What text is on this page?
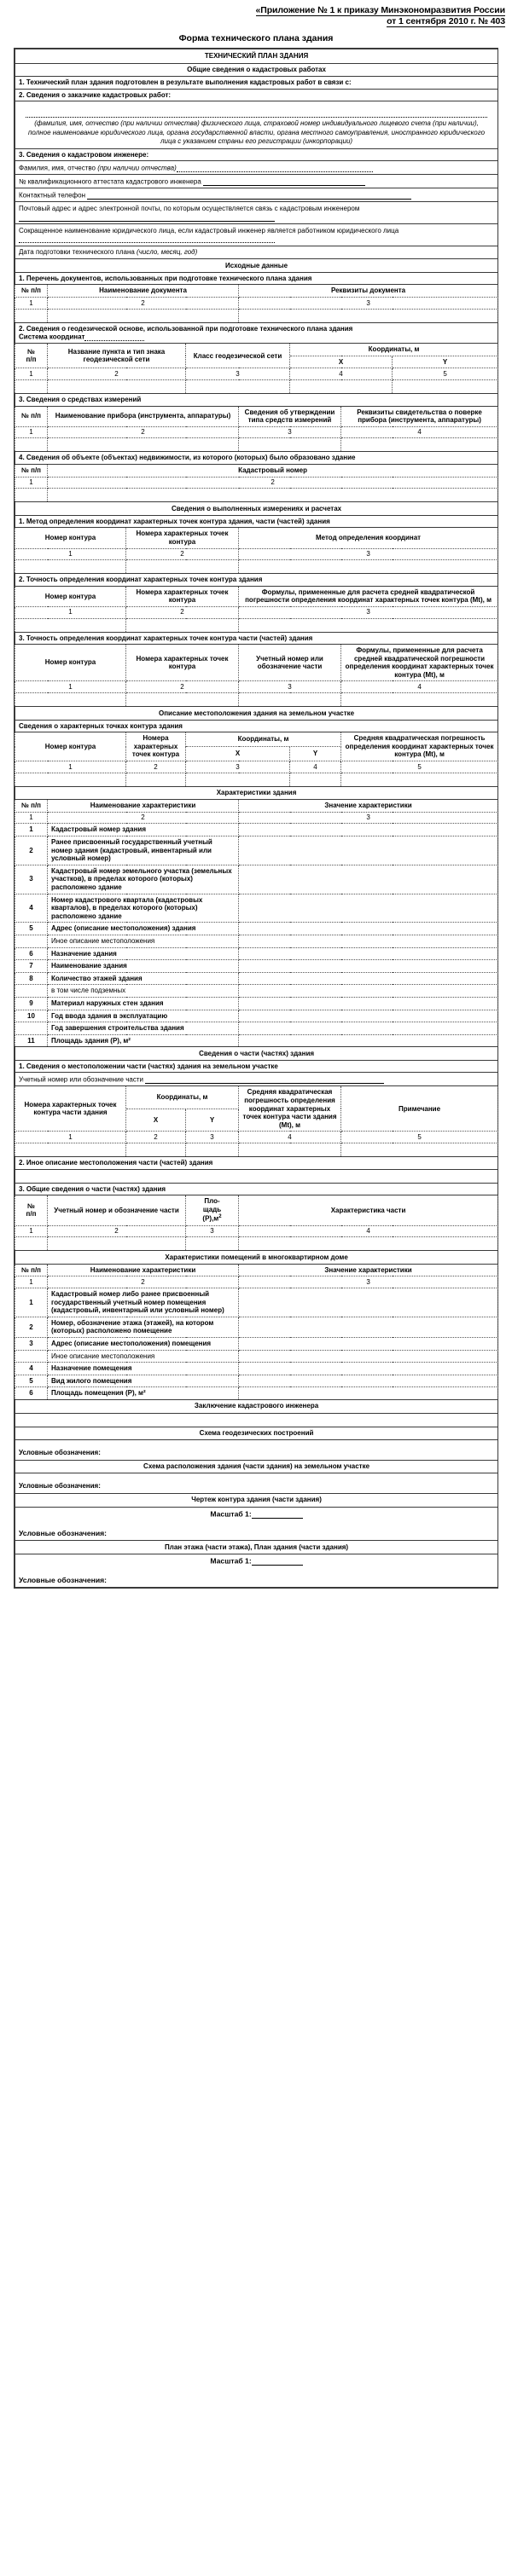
«Приложение № 1 к приказу Минэкономразвития России
от 1 сентября 2010 г. № 403
Форма технического плана здания
ТЕХНИЧЕСКИЙ ПЛАН ЗДАНИЯ							
Общие сведения о кадастровых работах							
1. Технический план здания подготовлен в результате выполнения кадастровых работ в связи с:							
2. Сведения о заказчике кадастровых работ:							

(фамилия, имя, отчество (при наличии отчества) физического лица, страховой номер индивидуального лицевого счета (при наличии), полное наименование юридического лица, органа государственной власти, органа местного самоуправления, иностранного юридического лица с указанием страны его регистрации (инкорпорации)							

3. Сведения о кадастровом инженере:							
Фамилия, имя, отчество (при наличии отчества)							
№ квалификационного аттестата кадастрового инженера							
Контактный телефон							
Почтовый адрес и адрес электронной почты, по которым осуществляется связь с кадастровым инженером							
Сокращенное наименование юридического лица, если кадастровый инженер является работником юридического лица							
Дата подготовки технического плана (число, месяц, год)							
Исходные данные							
1. Перечень документов, использованных при подготовке технического плана здания							
№ п/п	Наименование документа			Реквизиты документа			
1	2			3			

2. Сведения о геодезической основе, использованной при подготовке технического плана здания
Система координат							
№
п/п	Название пункта и тип знака геодезической сети		Класс геодезической сети		Координаты, м		
					X		Y
1	2		3		4		5

3. Сведения о средствах измерений							
№ п/п	Наименование прибора (инструмента, аппаратуры)			Сведения об утверждении типа средств измерений		Реквизиты свидетельства о поверке прибора (инструмента, аппаратуры)	
1	2			3		4	

4. Сведения об объекте (объектах) недвижимости, из которого (которых) было образовано здание							
№ п/п	Кадастровый номер						
1	2						

Сведения о выполненных измерениях и расчетах							
1. Метод определения координат характерных точек контура здания, части (частей) здания							
Номер контура		Номера характерных точек контура		Метод определения координат			
1		2		3			

2. Точность определения координат характерных точек контура здания							
Номер контура		Номера характерных точек контура		Формулы, примененные для расчета средней квадратической погрешности определения координат характерных точек контура (Мt), м			
1		2		3			

3. Точность определения координат характерных точек контура части (частей) здания							
Номер контура		Номера характерных точек контура		Учетный номер или обозначение части		Формулы, примененные для расчета средней квадратической погрешности определения координат характерных точек контура (Мt), м	
1		2		3		4	

Описание местоположения здания на земельном участке							
Сведения о характерных точках контура здания							
Номер контура		Номера характерных точек контура	Координаты, м			Средняя квадратическая погрешность определения координат характерных точек контура (Мt), м	
			X		Y		
1		2	3		4	5	

Характеристики здания							
№ п/п	Наименование характеристики			Значение характеристики			
1	2			3			
1	Кадастровый номер здания						
2	Ранее присвоенный государственный учетный номер здания (кадастровый, инвентарный или условный номер)						
3	Кадастровый номер земельного участка (земельных участков), в пределах которого (которых) расположено здание						
4	Номер кадастрового квартала (кадастровых кварталов), в пределах которого (которых) расположено здание						
5	Адрес (описание местоположения) здания						
	Иное описание местоположения						
6	Назначение здания						
7	Наименование здания						
8	Количество этажей здания						
	в том числе подземных						
9	Материал наружных стен здания						
10	Год ввода здания в эксплуатацию						
	Год завершения строительства здания						
11	Площадь здания (Р), м²						
Сведения о части (частях) здания							
1. Сведения о местоположении части (частях) здания на земельном участке							
Учетный номер или обозначение части							
Номера характерных точек контура части здания		Координаты, м		Средняя квадратическая погрешность определения координат характерных точек контура части здания (Мt), м		Примечание	
		X	Y				
1		2	3	4		5	

2. Иное описание местоположения части (частей) здания							

3. Общие сведения о части (частях) здания							
№
п/п	Учетный номер и обозначение части		Пло-
щадь
$(Р),м^2$	Характеристика части			
1	2		3	4			

Характеристики помещений в многоквартирном доме							
№ п/п	Наименование характеристики			Значение характеристики			
1	2			3			
1	Кадастровый номер либо ранее присвоенный государственный учетный номер помещения (кадастровый, инвентарный или условный номер)						
2	Номер, обозначение этажа (этажей), на котором (которых) расположено помещение						
3	Адрес (описание местоположения) помещения						
	Иное описание местоположения						
4	Назначение помещения						
5	Вид жилого помещения						
6	Площадь помещения (Р), м²						
Заключение кадастрового инженера							

Схема геодезических построений							
Условные обозначения:							
Схема расположения здания (части здания) на земельном участке							
Условные обозначения:							
Чертеж контура здания (части здания)							

Масштаб 1:
Условные обозначения:							

План этажа (части этажа), План здания (части здания)							

Масштаб 1:
Условные обозначения:							
